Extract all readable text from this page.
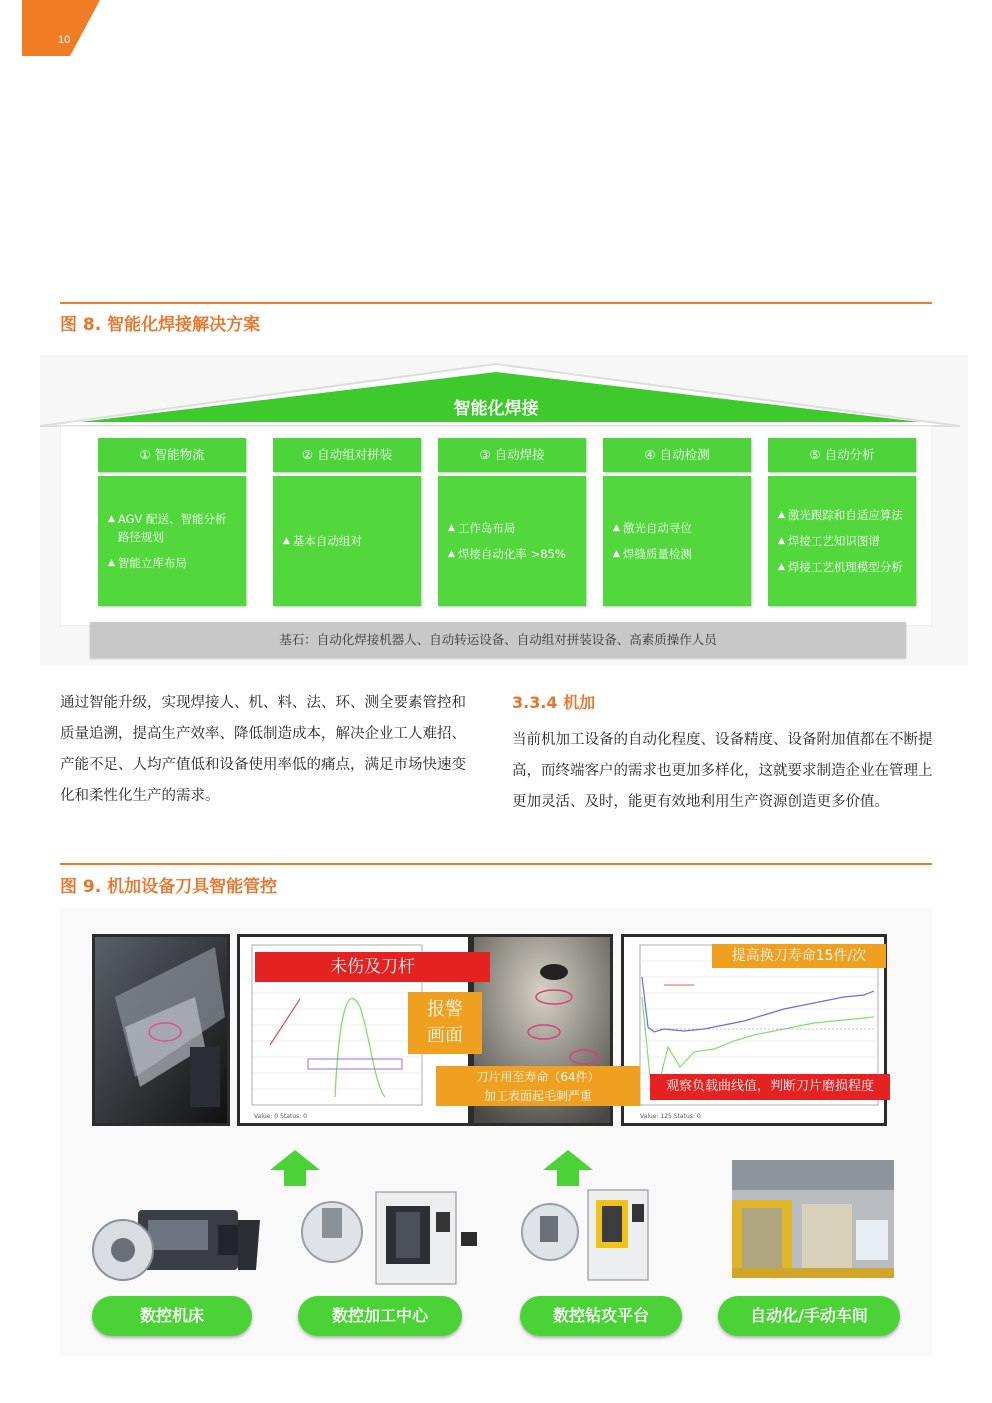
10
图 8. 智能化焊接解决方案
智能化焊接
① 智能物流
▲ AGV 配送、智能分析路径规划
▲ 智能立库布局
② 自动组对拼装
▲ 基本自动组对
③ 自动焊接
▲ 工作岛布局
▲ 焊接自动化率 >85%
④ 自动检测
▲ 激光自动寻位
▲ 焊缝质量检测
⑤ 自动分析
▲ 激光跟踪和自适应算法
▲ 焊接工艺知识图谱
▲ 焊接工艺机理模型分析
基石：自动化焊接机器人、自动转运设备、自动组对拼装设备、高素质操作人员
通过智能升级，实现焊接人、机、料、法、环、测全要素管控和质量追溯，提高生产效率、降低制造成本，解决企业工人难招、产能不足、人均产值低和设备使用率低的痛点，满足市场快速变化和柔性化生产的需求。
3.3.4 机加
当前机加工设备的自动化程度、设备精度、设备附加值都在不断提高，而终端客户的需求也更加多样化，这就要求制造企业在管理上更加灵活、及时，能更有效地利用生产资源创造更多价值。
图 9. 机加设备刀具智能管控
Value: 0 Status: 0	Value: 125 Status: 0
未伤及刀杆
报警
画面
刀片用至寿命（64件）
加工表面起毛刺严重
提高换刀寿命15件/次
观察负载曲线值，判断刀片磨损程度
数控机床	数控加工中心	数控钻攻平台	自动化/手动车间
